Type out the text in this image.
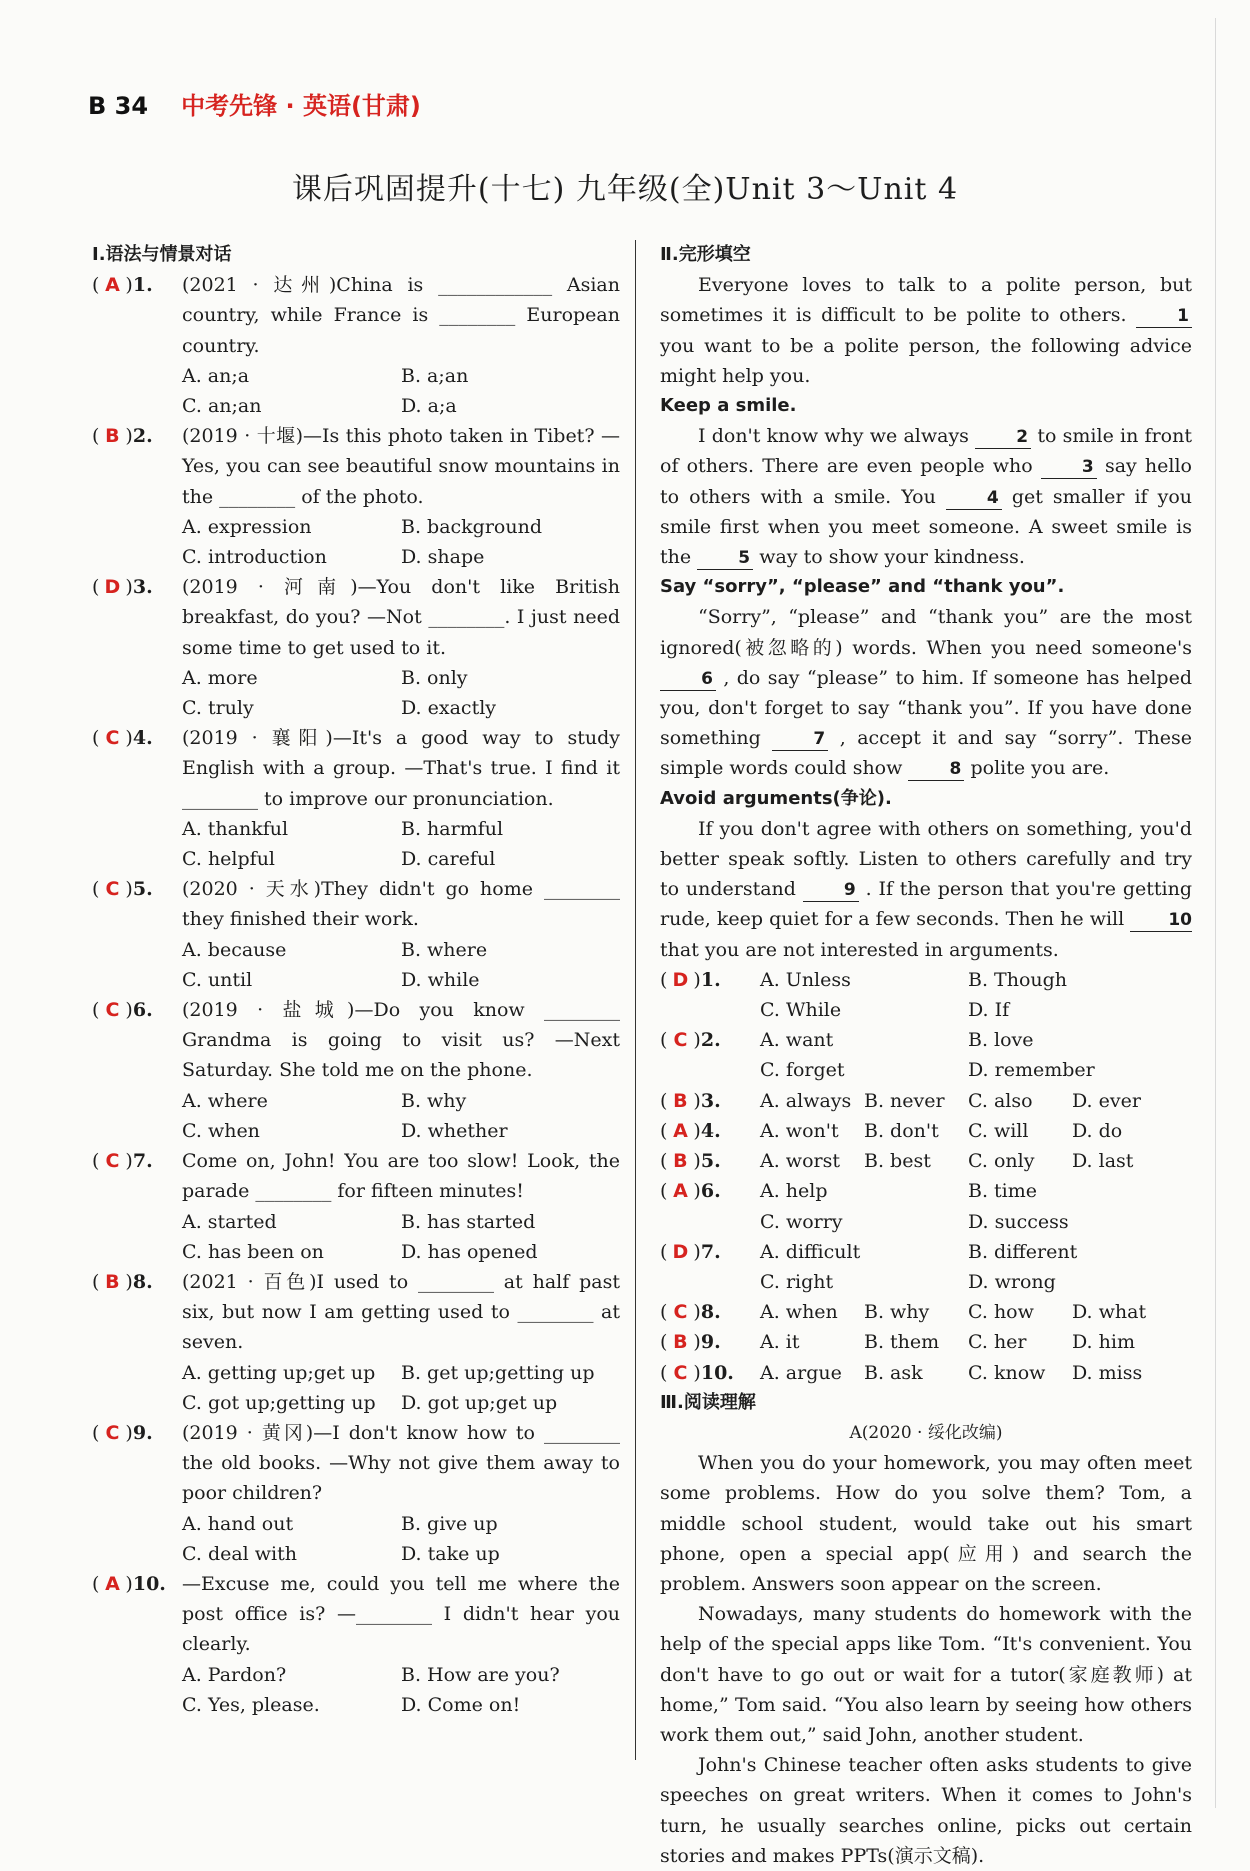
B 34 中考先锋 · 英语(甘肃)
课后巩固提升(十七) 九年级(全)Unit 3～Unit 4
Ⅰ.语法与情景对话
( A )1.	(2021 · 达州)China is ____________ Asian country, while France is ________ European country.
A. an;a	B. a;an
C. an;an	D. a;a
( B )2.	(2019 · 十堰)—Is this photo taken in Tibet? —Yes, you can see beautiful snow mountains in the ________ of the photo.
A. expression	B. background
C. introduction	D. shape
( D )3.	(2019 · 河南)—You don't like British breakfast, do you? —Not ________. I just need some time to get used to it.
A. more	B. only
C. truly	D. exactly
( C )4.	(2019 · 襄阳)—It's a good way to study English with a group. —That's true. I find it ________ to improve our pronunciation.
A. thankful	B. harmful
C. helpful	D. careful
( C )5.	(2020 · 天水)They didn't go home ________ they finished their work.
A. because	B. where
C. until	D. while
( C )6.	(2019 · 盐城)—Do you know ________ Grandma is going to visit us? —Next Saturday. She told me on the phone.
A. where	B. why
C. when	D. whether
( C )7.	Come on, John! You are too slow! Look, the parade ________ for fifteen minutes!
A. started	B. has started
C. has been on	D. has opened
( B )8.	(2021 · 百色)I used to ________ at half past six, but now I am getting used to ________ at seven.
A. getting up;get up	B. get up;getting up
C. got up;getting up	D. got up;get up
( C )9.	(2019 · 黄冈)—I don't know how to ________ the old books. —Why not give them away to poor children?
A. hand out	B. give up
C. deal with	D. take up
( A )10. —Excuse me, could you tell me where the post office is? —________ I didn't hear you clearly.
A. Pardon?	B. How are you?
C. Yes, please.	D. Come on!
Ⅱ.完形填空
Everyone loves to talk to a polite person, but sometimes it is difficult to be polite to others.	1 you want to be a polite person, the following advice might help you.
Keep a smile.
I don't know why we always	2 to smile in front of others. There are even people who	3 say hello to others with a smile. You	4 get smaller if you smile first when you meet someone. A sweet smile is the	5 way to show your kindness.
Say “sorry”, “please” and “thank you”.
“Sorry”, “please” and “thank you” are the most ignored(被忽略的) words. When you need someone's 6 , do say “please” to him. If someone has helped you, don't forget to say “thank you”. If you have done something	7 , accept it and say “sorry”. These simple words could show	8 polite you are.
Avoid arguments(争论).
If you don't agree with others on something, you'd better speak softly. Listen to others carefully and try to understand	9 . If the person that you're getting rude, keep quiet for a few seconds. Then he will	10 that you are not interested in arguments.
( D )1.	A. Unless	B. Though
C. While	D. If
( C )2.	A. want	B. love
C. forget	D. remember
( B )3.	A. always B. never	C. also	D. ever
( A )4.	A. won't	B. don't	C. will	D. do
( B )5.	A. worst	B. best	C. only	D. last
( A )6.	A. help	B. time
C. worry	D. success
( D )7.	A. difficult	B. different
C. right	D. wrong
( C )8.	A. when	B. why	C. how	D. what
( B )9.	A. it	B. them	C. her	D. him
( C )10.	A. argue	B. ask	C. know	D. miss
Ⅲ.阅读理解
A(2020 · 绥化改编)
When you do your homework, you may often meet some problems. How do you solve them? Tom, a middle school student, would take out his smart phone, open a special app(应用) and search the problem. Answers soon appear on the screen.
Nowadays, many students do homework with the help of the special apps like Tom. “It's convenient. You don't have to go out or wait for a tutor(家庭教师) at home,” Tom said. “You also learn by seeing how others work them out,” said John, another student.
John's Chinese teacher often asks students to give speeches on great writers. When it comes to John's turn, he usually searches online, picks out certain stories and makes PPTs(演示文稿).
